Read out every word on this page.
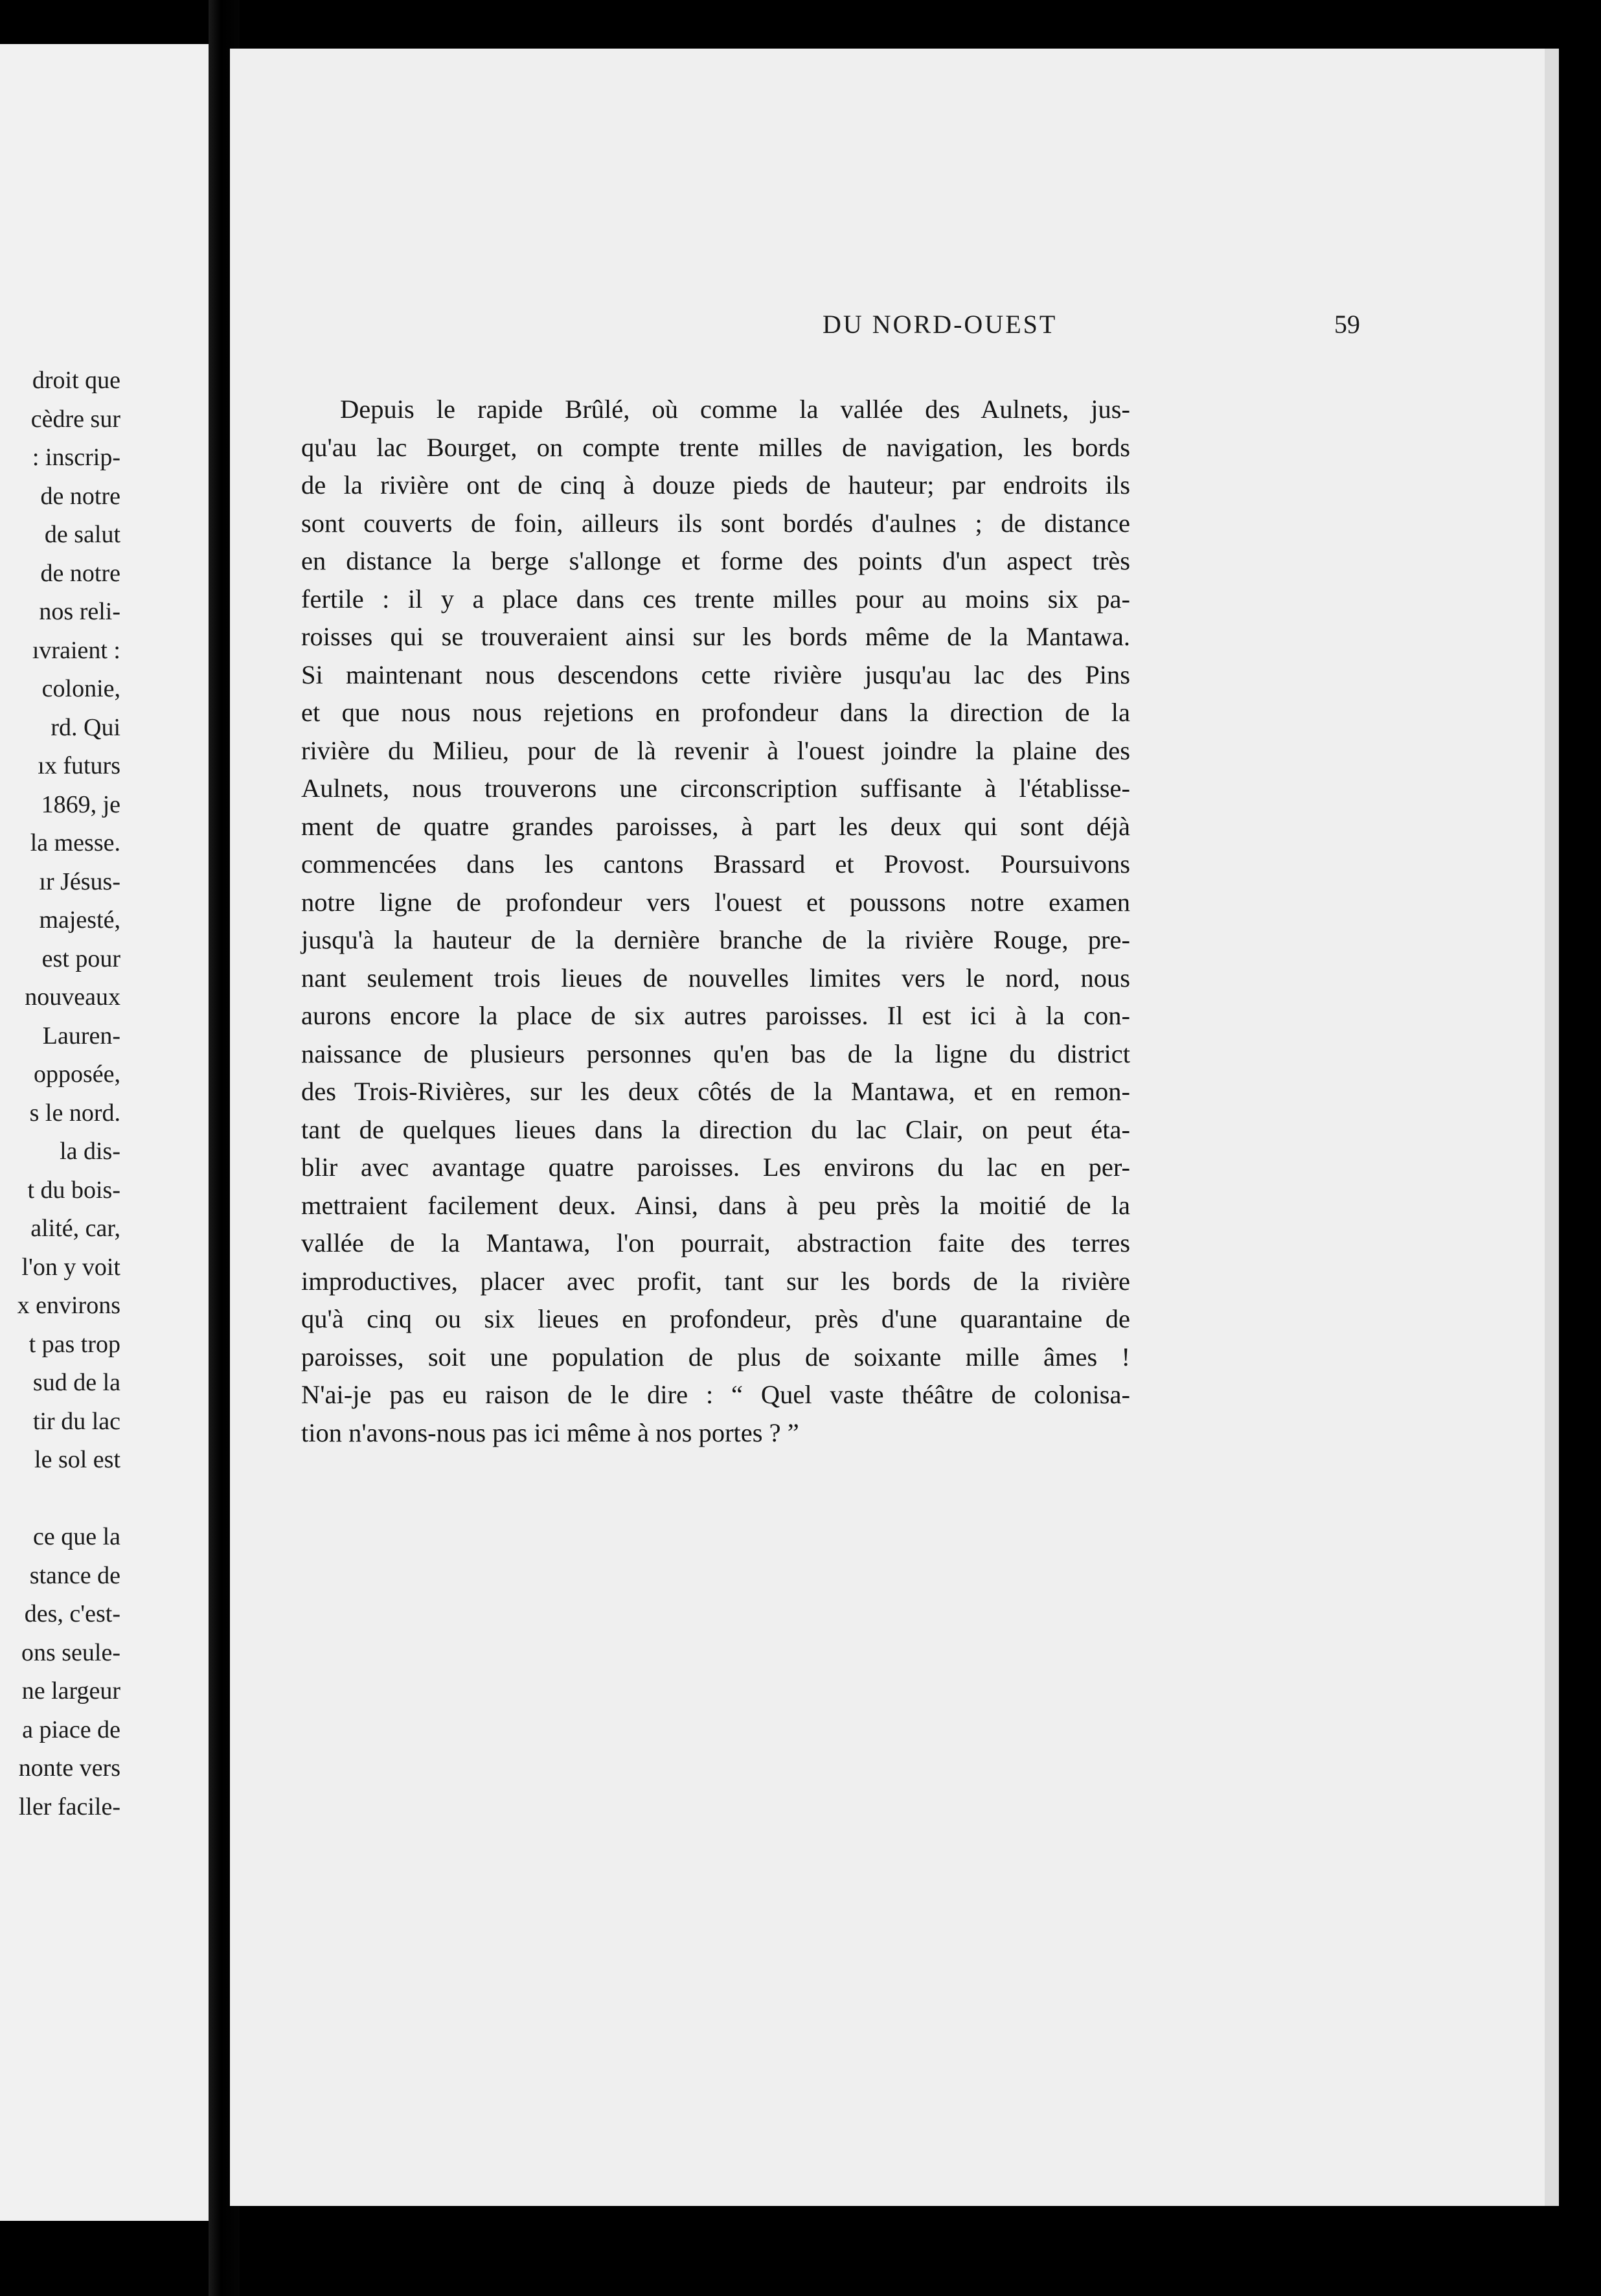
droit que
cèdre sur
: inscrip-
de notre
de salut
de notre
nos reli-
ıvraient :
colonie,
rd. Qui
ıx futurs
1869, je
la messe.
ır Jésus-
majesté,
est pour
nouveaux
Lauren-
opposée,
s le nord.
la dis-
t du bois-
alité, car,
l'on y voit
x environs
t pas trop
sud de la
tir du lac
le sol est
ce que la
stance de
des, c'est-
ons seule-
ne largeur
a piace de
nonte vers
ller facile-
DU NORD-OUEST	59
Depuis le rapide Brûlé, où comme la vallée des Aulnets, jus-
qu'au lac Bourget, on compte trente milles de navigation, les bords
de la rivière ont de cinq à douze pieds de hauteur; par endroits ils
sont couverts de foin, ailleurs ils sont bordés d'aulnes ; de distance
en distance la berge s'allonge et forme des points d'un aspect très
fertile : il y a place dans ces trente milles pour au moins six pa-
roisses qui se trouveraient ainsi sur les bords même de la Mantawa.
Si maintenant nous descendons cette rivière jusqu'au lac des Pins
et que nous nous rejetions en profondeur dans la direction de la
rivière du Milieu, pour de là revenir à l'ouest joindre la plaine des
Aulnets, nous trouverons une circonscription suffisante à l'établisse-
ment de quatre grandes paroisses, à part les deux qui sont déjà
commencées dans les cantons Brassard et Provost. Poursuivons
notre ligne de profondeur vers l'ouest et poussons notre examen
jusqu'à la hauteur de la dernière branche de la rivière Rouge, pre-
nant seulement trois lieues de nouvelles limites vers le nord, nous
aurons encore la place de six autres paroisses. Il est ici à la con-
naissance de plusieurs personnes qu'en bas de la ligne du district
des Trois-Rivières, sur les deux côtés de la Mantawa, et en remon-
tant de quelques lieues dans la direction du lac Clair, on peut éta-
blir avec avantage quatre paroisses. Les environs du lac en per-
mettraient facilement deux. Ainsi, dans à peu près la moitié de la
vallée de la Mantawa, l'on pourrait, abstraction faite des terres
improductives, placer avec profit, tant sur les bords de la rivière
qu'à cinq ou six lieues en profondeur, près d'une quarantaine de
paroisses, soit une population de plus de soixante mille âmes !
N'ai-je pas eu raison de le dire : “ Quel vaste théâtre de colonisa-
tion n'avons-nous pas ici même à nos portes ? ”
